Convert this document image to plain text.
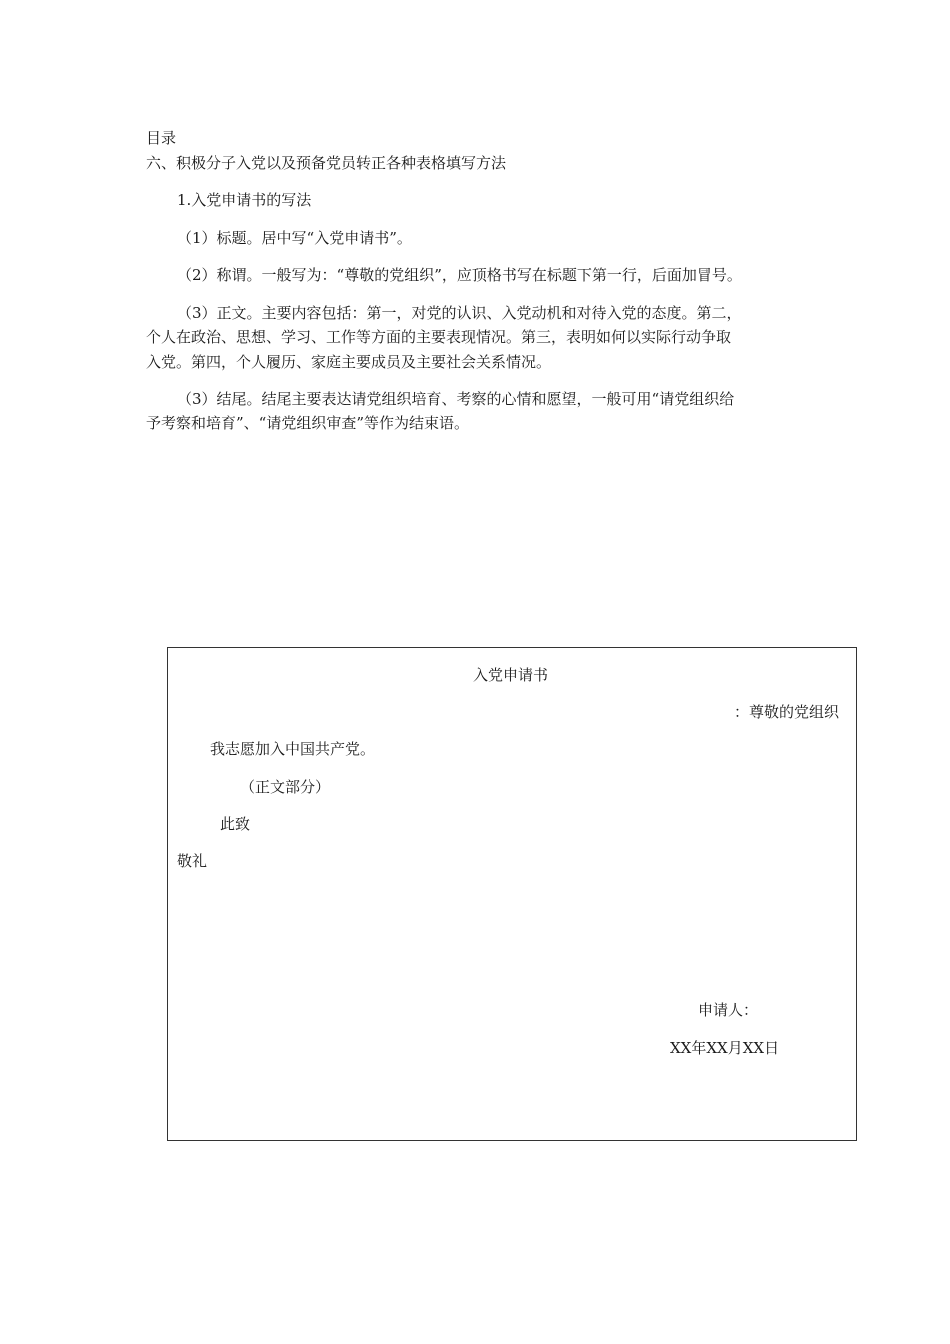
目录
六、积极分子入党以及预备党员转正各种表格填写方法
1.入党申请书的写法
（1）标题。居中写“入党申请书”。
（2）称谓。一般写为：“尊敬的党组织”，应顶格书写在标题下第一行，后面加冒号。
（3）正文。主要内容包括：第一，对党的认识、入党动机和对待入党的态度。第二，
个人在政治、思想、学习、工作等方面的主要表现情况。第三，表明如何以实际行动争取
入党。第四，个人履历、家庭主要成员及主要社会关系情况。
（3）结尾。结尾主要表达请党组织培育、考察的心情和愿望，一般可用“请党组织给
予考察和培育”、“请党组织审查”等作为结束语。
入党申请书
：尊敬的党组织
我志愿加入中国共产党。
（正文部分）
此致
敬礼
申请人：
XX年XX月XX日
